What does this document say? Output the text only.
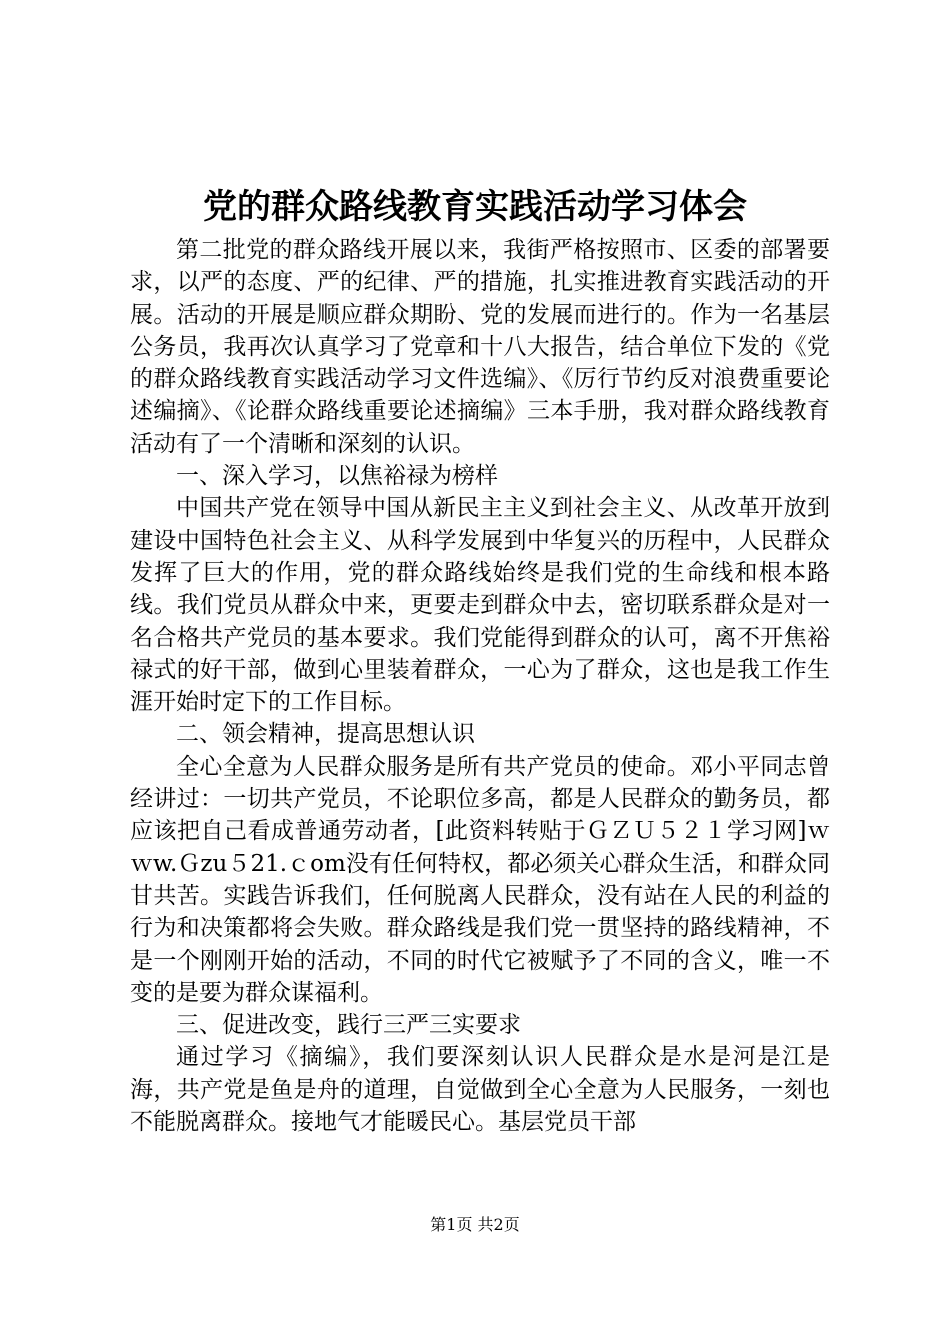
党的群众路线教育实践活动学习体会

第二批党的群众路线开展以来，我街严格按照市、区委的部署要求，以严的态度、严的纪律、严的措施，扎实推进教育实践活动的开展。活动的开展是顺应群众期盼、党的发展而进行的。作为一名基层公务员，我再次认真学习了党章和十八大报告，结合单位下发的《党的群众路线教育实践活动学习文件选编》、《厉行节约反对浪费重要论述编摘》、《论群众路线重要论述摘编》三本手册，我对群众路线教育活动有了一个清晰和深刻的认识。

一、深入学习，以焦裕禄为榜样

中国共产党在领导中国从新民主主义到社会主义、从改革开放到建设中国特色社会主义、从科学发展到中华复兴的历程中，人民群众发挥了巨大的作用，党的群众路线始终是我们党的生命线和根本路线。我们党员从群众中来，更要走到群众中去，密切联系群众是对一名合格共产党员的基本要求。我们党能得到群众的认可，离不开焦裕禄式的好干部，做到心里装着群众，一心为了群众，这也是我工作生涯开始时定下的工作目标。

二、领会精神，提高思想认识

全心全意为人民群众服务是所有共产党员的使命。邓小平同志曾经讲过：一切共产党员，不论职位多高，都是人民群众的勤务员，都应该把自己看成普通劳动者，[此资料转贴于ＧＺＵ５２１学习网]ｗｗw.Ｇzu５21.ｃom没有任何特权，都必须关心群众生活，和群众同甘共苦。实践告诉我们，任何脱离人民群众，没有站在人民的利益的行为和决策都将会失败。群众路线是我们党一贯坚持的路线精神，不是一个刚刚开始的活动，不同的时代它被赋予了不同的含义，唯一不变的是要为群众谋福利。

三、促进改变，践行三严三实要求

通过学习《摘编》，我们要深刻认识人民群众是水是河是江是海，共产党是鱼是舟的道理，自觉做到全心全意为人民服务，一刻也不能脱离群众。接地气才能暖民心。基层党员干部

第1页 共2页
